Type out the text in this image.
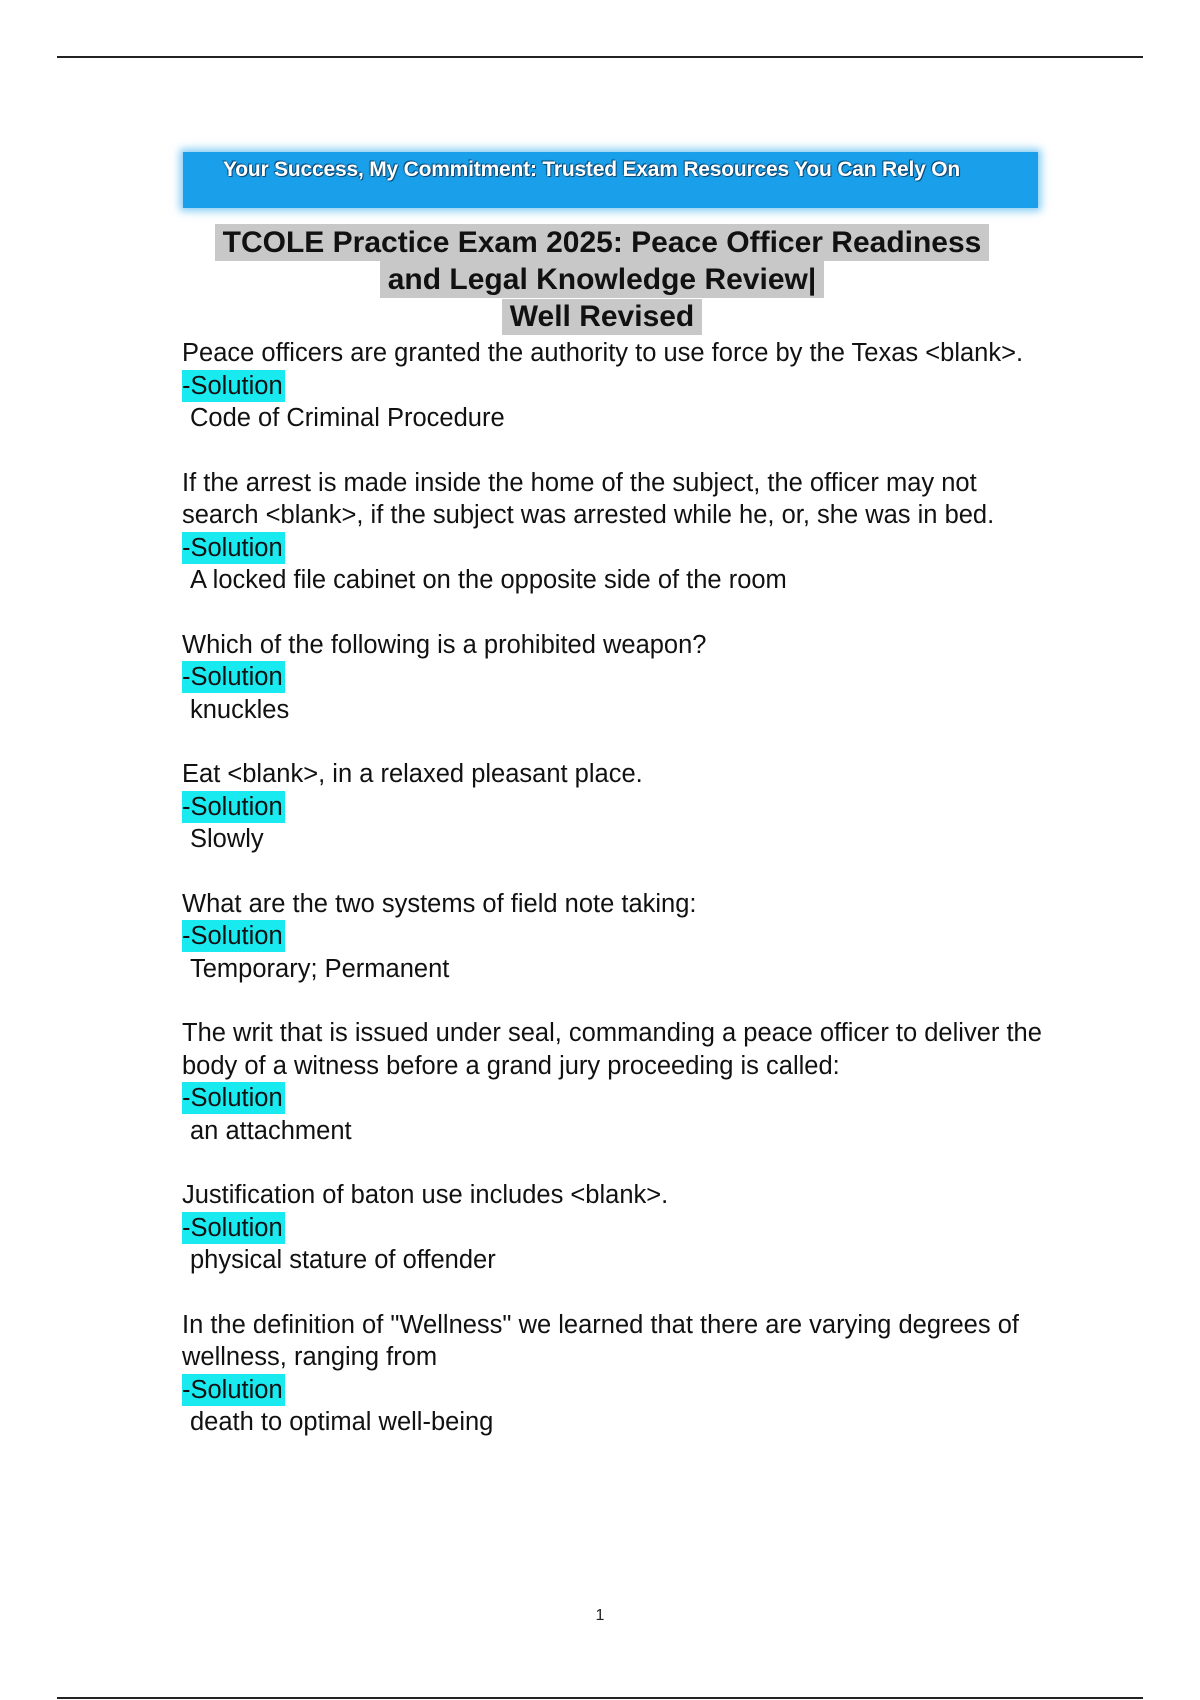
Your Success, My Commitment: Trusted Exam Resources You Can Rely On
TCOLE Practice Exam 2025: Peace Officer Readiness
and Legal Knowledge Review|
Well Revised

Peace officers are granted the authority to use force by the Texas <blank>.

-Solution

Code of Criminal Procedure

If the arrest is made inside the home of the subject, the officer may not search <blank>, if the subject was arrested while he, or, she was in bed.

-Solution

A locked file cabinet on the opposite side of the room

Which of the following is a prohibited weapon?

-Solution

knuckles

Eat <blank>, in a relaxed pleasant place.

-Solution

Slowly

What are the two systems of field note taking:

-Solution

Temporary; Permanent

The writ that is issued under seal, commanding a peace officer to deliver the body of a witness before a grand jury proceeding is called:

-Solution

an attachment

Justification of baton use includes <blank>.

-Solution

physical stature of offender

In the definition of "Wellness" we learned that there are varying degrees of wellness, ranging from

-Solution

death to optimal well-being

1
